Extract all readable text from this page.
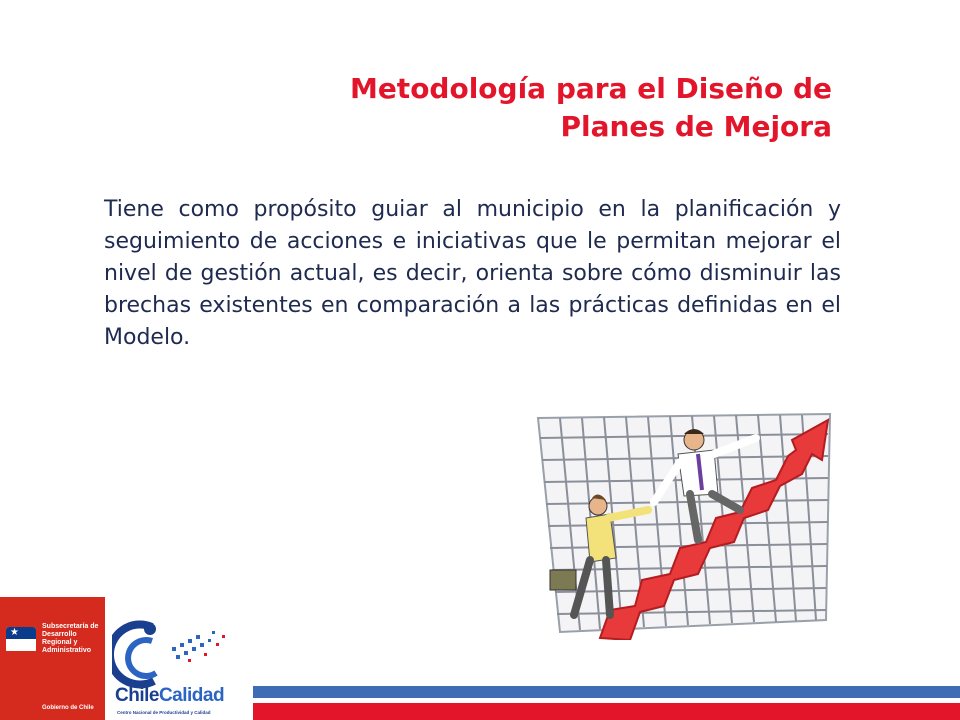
Metodología para el Diseño de
Planes de Mejora

Tiene como propósito guiar al municipio en la planificación y seguimiento de acciones e iniciativas que le permitan mejorar el nivel de gestión actual, es decir, orienta sobre cómo disminuir las brechas existentes en comparación a las prácticas definidas en el Modelo.

★
Subsecretaría de Desarrollo Regional y Administrativo
Gobierno de Chile
ChileCalidad
Centro Nacional de Productividad y Calidad
